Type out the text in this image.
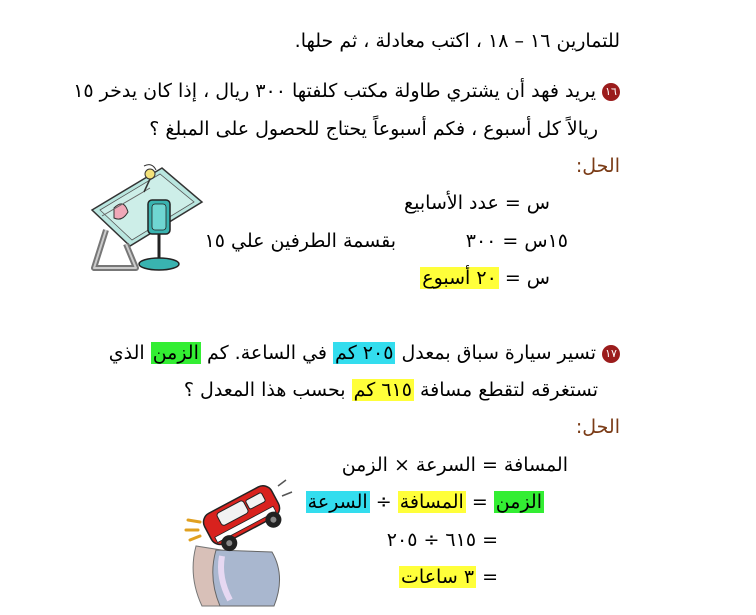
للتمارين ١٦ – ١٨ ، اكتب معادلة ، ثم حلها.
١٦يريد فهد أن يشتري طاولة مكتب كلفتها ٣٠٠ ريال ، إذا كان يدخر ١٥
ريالاً كل أسبوع ، فكم أسبوعاً يحتاج للحصول على المبلغ ؟
الحل:
س = عدد الأسابيع
١٥س = ٣٠٠
بقسمة الطرفين علي ١٥
س = ٢٠ أسبوع
١٧تسير سيارة سباق بمعدل ٢٠٥ كم في الساعة. كم الزمن الذي
تستغرقه لتقطع مسافة ٦١٥ كم بحسب هذا المعدل ؟
الحل:
المسافة = السرعة × الزمن
الزمن = المسافة ÷ السرعة
= ٦١٥ ÷ ٢٠٥
= ٣ ساعات
